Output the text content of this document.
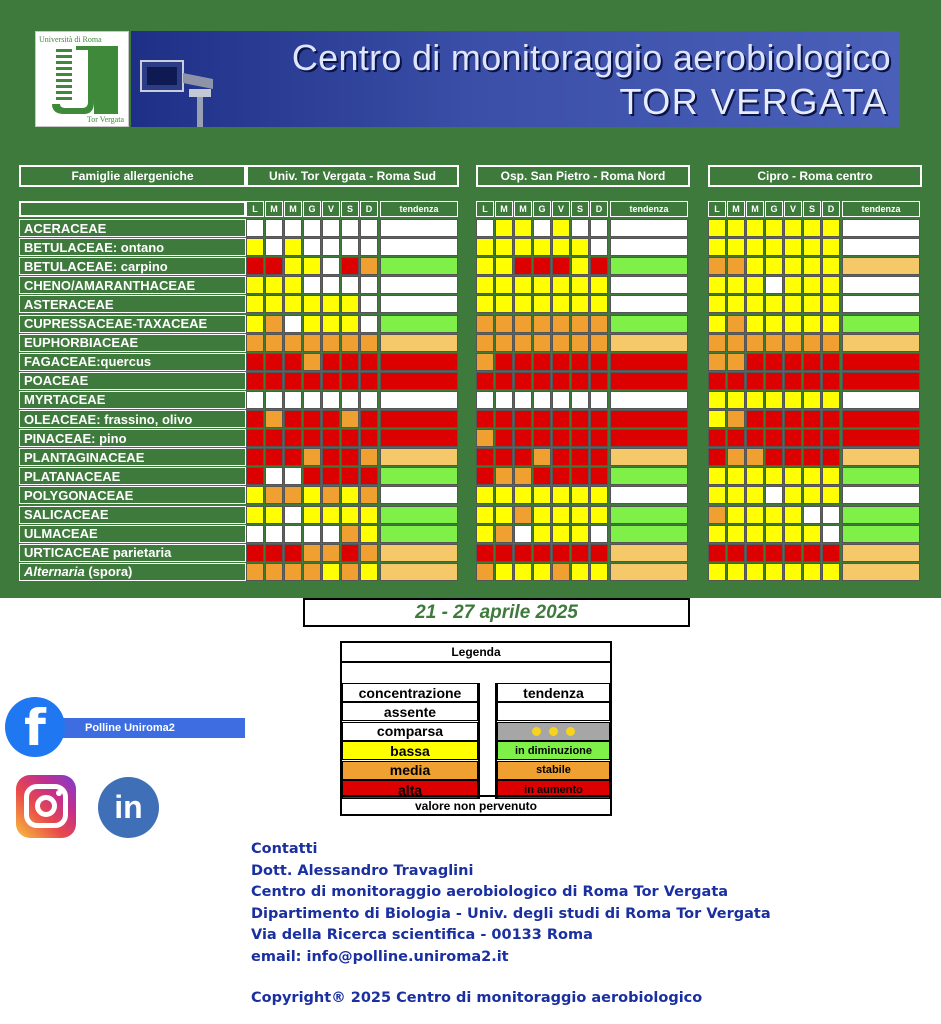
Università di Roma
Tor Vergata
Centro di monitoraggio aerobiologico
TOR VERGATA
Famiglie allergeniche	Univ. Tor Vergata - Roma Sud	Osp. San Pietro - Roma Nord	Cipro - Roma centro
ACERACEAE
BETULACEAE: ontano
BETULACEAE: carpino
CHENO/AMARANTHACEAE
ASTERACEAE
CUPRESSACEAE-TAXACEAE
EUPHORBIACEAE
FAGACEAE:quercus
POACEAE
MYRTACEAE
OLEACEAE: frassino, olivo
PINACEAE: pino
PLANTAGINACEAE
PLATANACEAE
POLYGONACEAE
SALICACEAE
ULMACEAE
URTICACEAE parietaria
Alternaria (spora)
L	M	M	G	V	S	D	tendenza	L	M	M	G	V	S	D	tendenza	L	M	M	G	V	S	D	tendenza
21 - 27 aprile 2025
Legenda
concentrazione	tendenza
assente
comparsa
bassa	in diminuzione
media	stabile
alta	in aumento
valore non pervenuto
Polline Uniroma2
f
in
Contatti
Dott. Alessandro Travaglini
Centro di monitoraggio aerobiologico di Roma Tor Vergata
Dipartimento di Biologia - Univ. degli studi di Roma Tor Vergata
Via della Ricerca scientifica - 00133 Roma
email: info@polline.uniroma2.it
Copyright® 2025 Centro di monitoraggio aerobiologico
